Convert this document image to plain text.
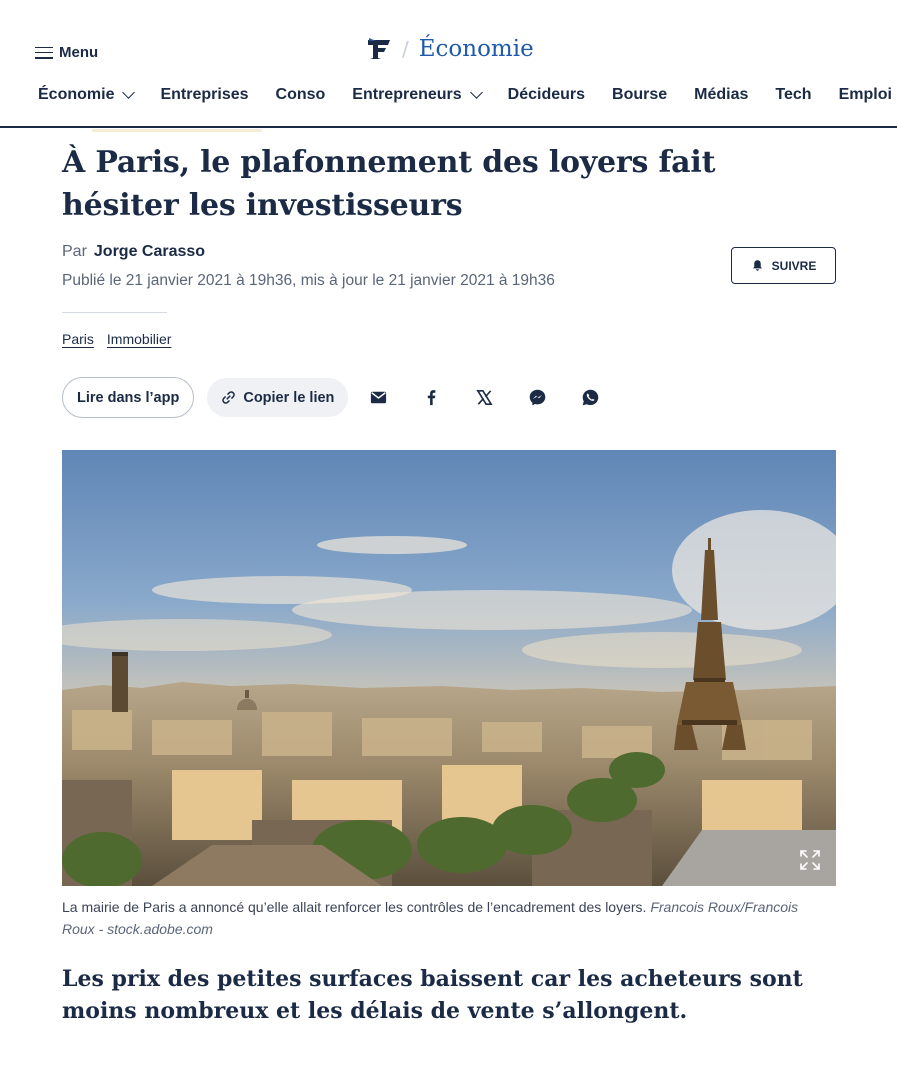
Menu	/ Économie
Économie	Entreprises Conso Entrepreneurs	Décideurs Bourse Médias Tech Emploi
À Paris, le plafonnement des loyers fait hésiter les investisseurs
Par Jorge Carasso
Publié le 21 janvier 2021 à 19h36, mis à jour le 21 janvier 2021 à 19h36
SUIVRE
Paris Immobilier
Lire dans l’app	Copier le lien
La mairie de Paris a annoncé qu’elle allait renforcer les contrôles de l’encadrement des loyers. Francois Roux/Francois Roux - stock.adobe.com

Les prix des petites surfaces baissent car les acheteurs sont moins nombreux et les délais de vente s’allongent.
